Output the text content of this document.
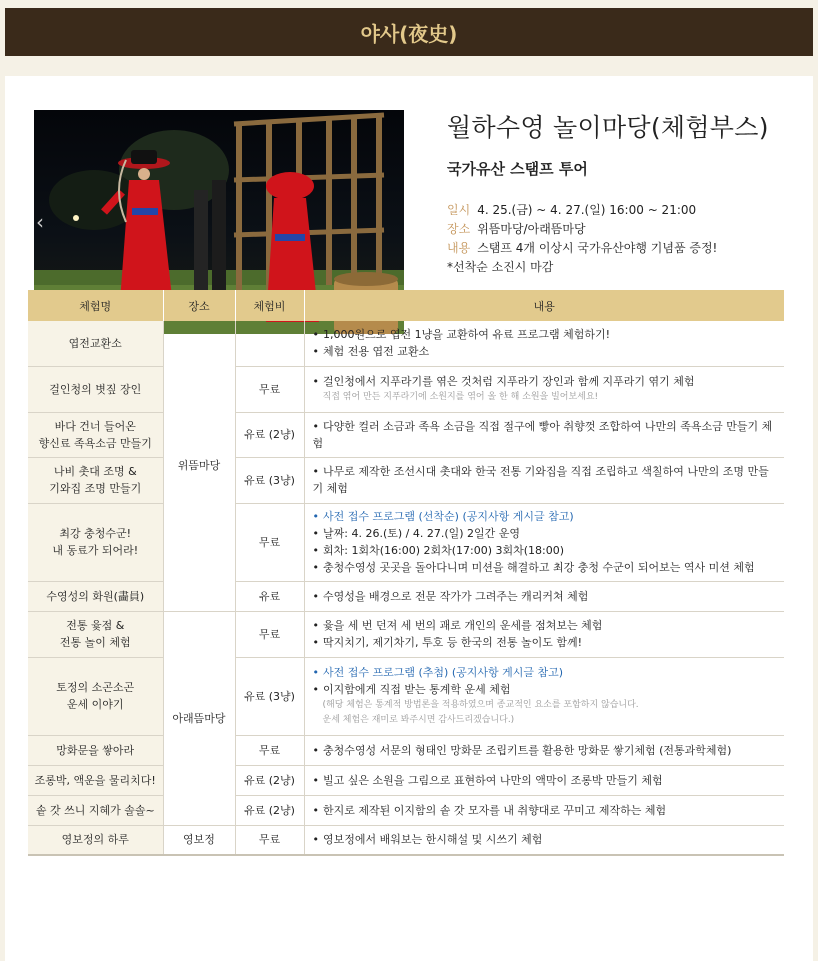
야사(夜史)
‹
월하수영 놀이마당(체험부스)
국가유산 스탬프 투어
일시 4. 25.(금) ~ 4. 27.(일) 16:00 ~ 21:00
장소 위뜸마당/아래뜸마당
내용 스탬프 4개 이상시 국가유산야행 기념품 증정!
*선착순 소진시 마감
체험명	장소	체험비	내용

엽전교환소	위뜸마당		• 1,000원으로 엽전 1냥을 교환하여 유료 프로그램 체험하기!
• 체험 전용 엽전 교환소

걸인청의 볏짚 장인		무료	• 걸인청에서 지푸라기를 엮은 것처럼 지푸라기 장인과 함께 지푸라기 엮기 체험
직접 엮어 만든 지푸라기에 소원지를 엮어 올 한 해 소원을 빌어보세요!

바다 건너 들어온
향신료 족욕소금 만들기		유료 (2냥)	• 다양한 컬러 소금과 족욕 소금을 직접 절구에 빻아 취향껏 조합하여 나만의 족욕소금 만들기 체험

나비 촛대 조명 &
기와집 조명 만들기		유료 (3냥)	• 나무로 제작한 조선시대 촛대와 한국 전통 기와집을 직접 조립하고 색칠하여 나만의 조명 만들기 체험

최강 충청수군!
내 동료가 되어라!		무료	• 사전 접수 프로그램 (선착순) (공지사항 게시글 참고)
• 날짜: 4. 26.(토) / 4. 27.(일) 2일간 운영
• 회차: 1회차(16:00) 2회차(17:00) 3회차(18:00)
• 충청수영성 곳곳을 돌아다니며 미션을 해결하고 최강 충청 수군이 되어보는 역사 미션 체험

수영성의 화원(畵員)		유료	• 수영성을 배경으로 전문 작가가 그려주는 캐리커쳐 체험

전통 윷점 &
전통 놀이 체험	아래뜸마당	무료	• 윷을 세 번 던져 세 번의 괘로 개인의 운세를 점쳐보는 체험
• 딱지치기, 제기차기, 투호 등 한국의 전통 놀이도 함께!

토정의 소곤소곤
운세 이야기		유료 (3냥)	• 사전 접수 프로그램 (추첨) (공지사항 게시글 참고)
• 이지함에게 직접 받는 통계학 운세 체험
(해당 체험은 통계적 방법론을 적용하였으며 종교적인 요소를 포함하지 않습니다.
운세 체험은 재미로 봐주시면 감사드리겠습니다.)

망화문을 쌓아라		무료	• 충청수영성 서문의 형태인 망화문 조립키트를 활용한 망화문 쌓기체험 (전통과학체험)

조롱박, 액운을 물리치다!		유료 (2냥)	• 빌고 싶은 소원을 그림으로 표현하여 나만의 액막이 조롱박 만들기 체험

솥 갓 쓰니 지혜가 솔솔~		유료 (2냥)	• 한지로 제작된 이지함의 솥 갓 모자를 내 취향대로 꾸미고 제작하는 체험

영보정의 하루	영보정	무료	• 영보정에서 배워보는 한시해설 및 시쓰기 체험
